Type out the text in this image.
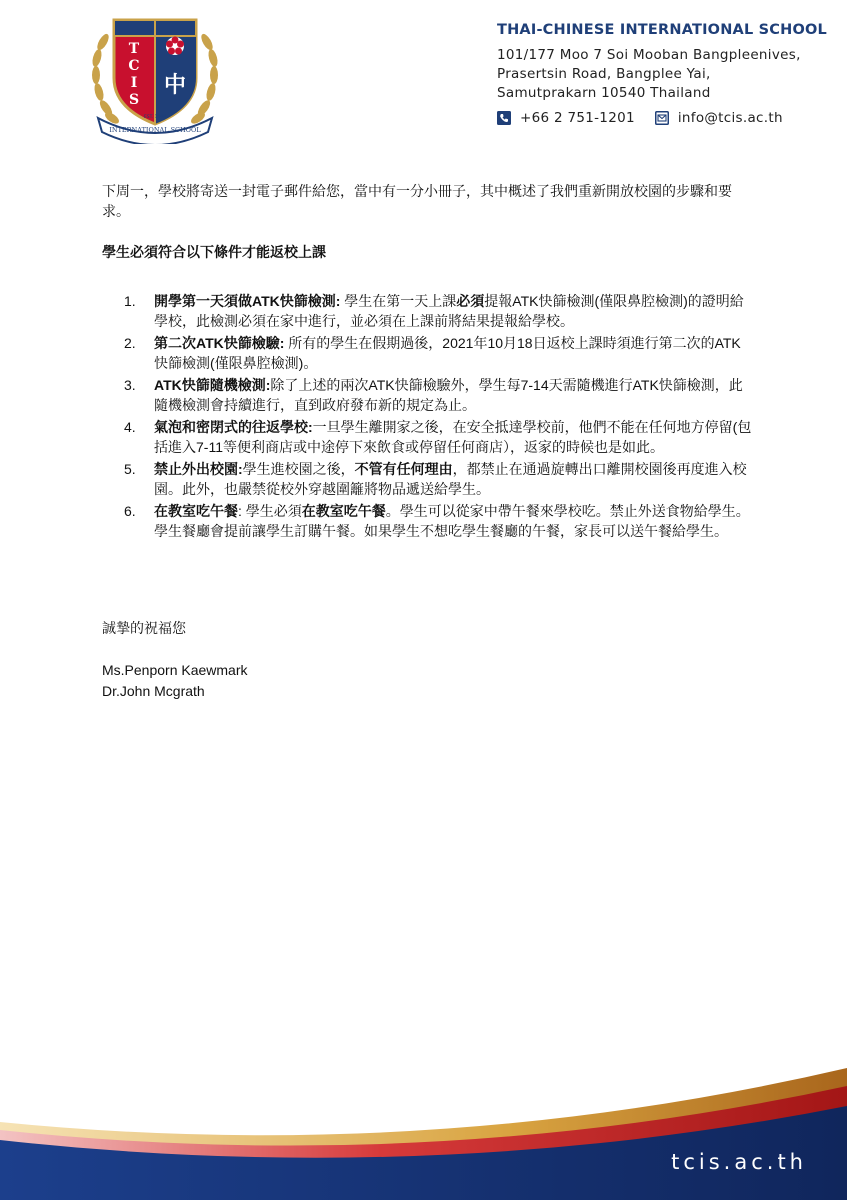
T
C
I
S
中
INTERNATIONAL SCHOOL
EST. 1996
THAI-CHINESE INTERNATIONAL SCHOOL
101/177 Moo 7 Soi Mooban Bangpleenives,
Prasertsin Road, Bangplee Yai,
Samutprakarn 10540 Thailand
+66 2 751-1201	info@tcis.ac.th

下周一，學校將寄送一封電子郵件給您，當中有一分小冊子，其中概述了我們重新開放校園的步驟和要求。

學生必須符合以下條件才能返校上課

1. 開學第一天須做ATK快篩檢測: 學生在第一天上課必須提報ATK快篩檢測(僅限鼻腔檢測)的證明給學校，此檢測必須在家中進行，並必須在上課前將結果提報給學校。
2. 第二次ATK快篩檢驗: 所有的學生在假期過後，2021年10月18日返校上課時須進行第二次的ATK快篩檢測(僅限鼻腔檢測)。
3. ATK快篩隨機檢測:除了上述的兩次ATK快篩檢驗外，學生每7-14天需隨機進行ATK快篩檢測，此隨機檢測會持續進行，直到政府發布新的規定為止。
4. 氣泡和密閉式的往返學校:一旦學生離開家之後，在安全抵達學校前，他們不能在任何地方停留(包括進入7-11等便利商店或中途停下來飲食或停留任何商店），返家的時候也是如此。
5. 禁止外出校園:學生進校園之後，不管有任何理由，都禁止在通過旋轉出口離開校園後再度進入校園。此外，也嚴禁從校外穿越圍籬將物品遞送給學生。
6. 在教室吃午餐: 學生必須在教室吃午餐。學生可以從家中帶午餐來學校吃。禁止外送食物給學生。學生餐廳會提前讓學生訂購午餐。如果學生不想吃學生餐廳的午餐，家長可以送午餐給學生。
誠摯的祝福您
Ms.Penporn Kaewmark
Dr.John Mcgrath
tcis.ac.th
